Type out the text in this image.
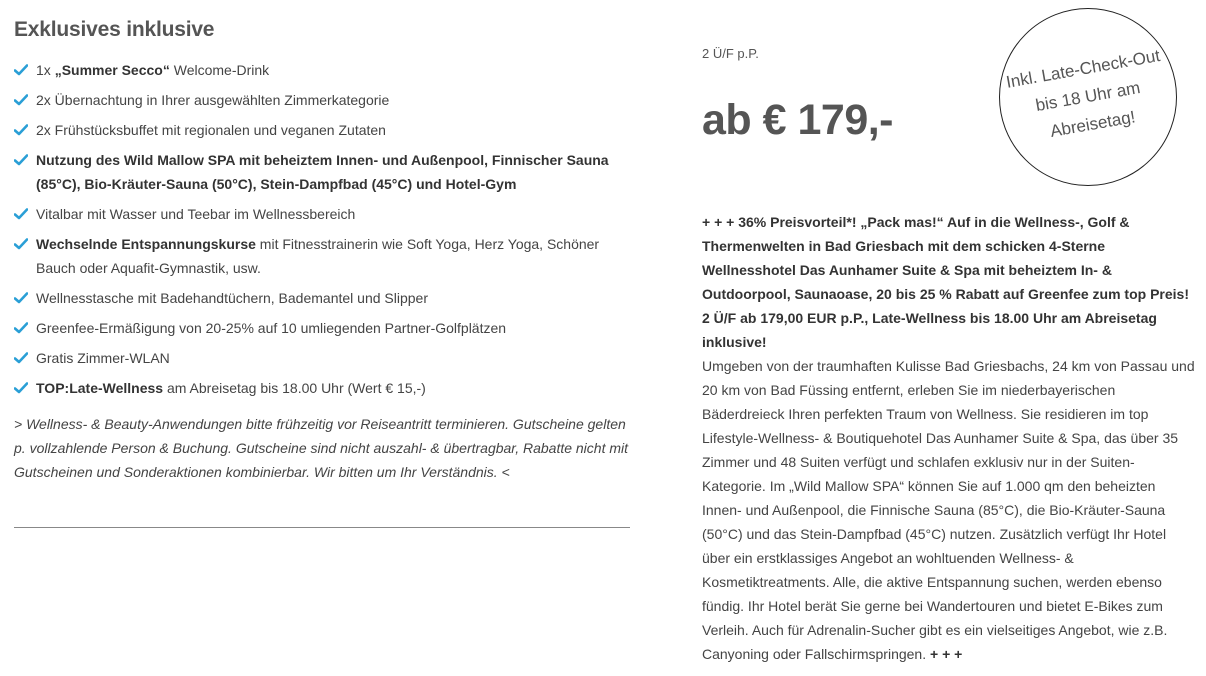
Exklusives inklusive
1x „Summer Secco“ Welcome-Drink
2x Übernachtung in Ihrer ausgewählten Zimmerkategorie
2x Frühstücksbuffet mit regionalen und veganen Zutaten
Nutzung des Wild Mallow SPA mit beheiztem Innen- und Außenpool, Finnischer Sauna (85°C), Bio-Kräuter-Sauna (50°C), Stein-Dampfbad (45°C) und Hotel-Gym
Vitalbar mit Wasser und Teebar im Wellnessbereich
Wechselnde Entspannungskurse mit Fitnesstrainerin wie Soft Yoga, Herz Yoga, Schöner Bauch oder Aquafit-Gymnastik, usw.
Wellnesstasche mit Badehandtüchern, Bademantel und Slipper
Greenfee-Ermäßigung von 20-25% auf 10 umliegenden Partner-Golfplätzen
Gratis Zimmer-WLAN
TOP:Late-Wellness am Abreisetag bis 18.00 Uhr (Wert € 15,-)
> Wellness- & Beauty-Anwendungen bitte frühzeitig vor Reiseantritt terminieren. Gutscheine gelten p. vollzahlende Person & Buchung. Gutscheine sind nicht auszahl- & übertragbar, Rabatte nicht mit Gutscheinen und Sonderaktionen kombinierbar. Wir bitten um Ihr Verständnis. <
2 Ü/F p.P.
ab € 179,-
Inkl. Late-Check-Out bis 18 Uhr am Abreisetag!
+ + + 36% Preisvorteil*! „Pack mas!“ Auf in die Wellness-, Golf & Thermenwelten in Bad Griesbach mit dem schicken 4-Sterne Wellnesshotel Das Aunhamer Suite & Spa mit beheiztem In- & Outdoorpool, Saunaoase, 20 bis 25 % Rabatt auf Greenfee zum top Preis! 2 Ü/F ab 179,00 EUR p.P., Late-Wellness bis 18.00 Uhr am Abreisetag inklusive!
Umgeben von der traumhaften Kulisse Bad Griesbachs, 24 km von Passau und 20 km von Bad Füssing entfernt, erleben Sie im niederbayerischen Bäderdreieck Ihren perfekten Traum von Wellness. Sie residieren im top Lifestyle-Wellness- & Boutiquehotel Das Aunhamer Suite & Spa, das über 35 Zimmer und 48 Suiten verfügt und schlafen exklusiv nur in der Suiten-Kategorie. Im „Wild Mallow SPA“ können Sie auf 1.000 qm den beheizten Innen- und Außenpool, die Finnische Sauna (85°C), die Bio-Kräuter-Sauna (50°C) und das Stein-Dampfbad (45°C) nutzen. Zusätzlich verfügt Ihr Hotel über ein erstklassiges Angebot an wohltuenden Wellness- & Kosmetiktreatments. Alle, die aktive Entspannung suchen, werden ebenso fündig. Ihr Hotel berät Sie gerne bei Wandertouren und bietet E-Bikes zum Verleih. Auch für Adrenalin-Sucher gibt es ein vielseitiges Angebot, wie z.B. Canyoning oder Fallschirmspringen. + + +
